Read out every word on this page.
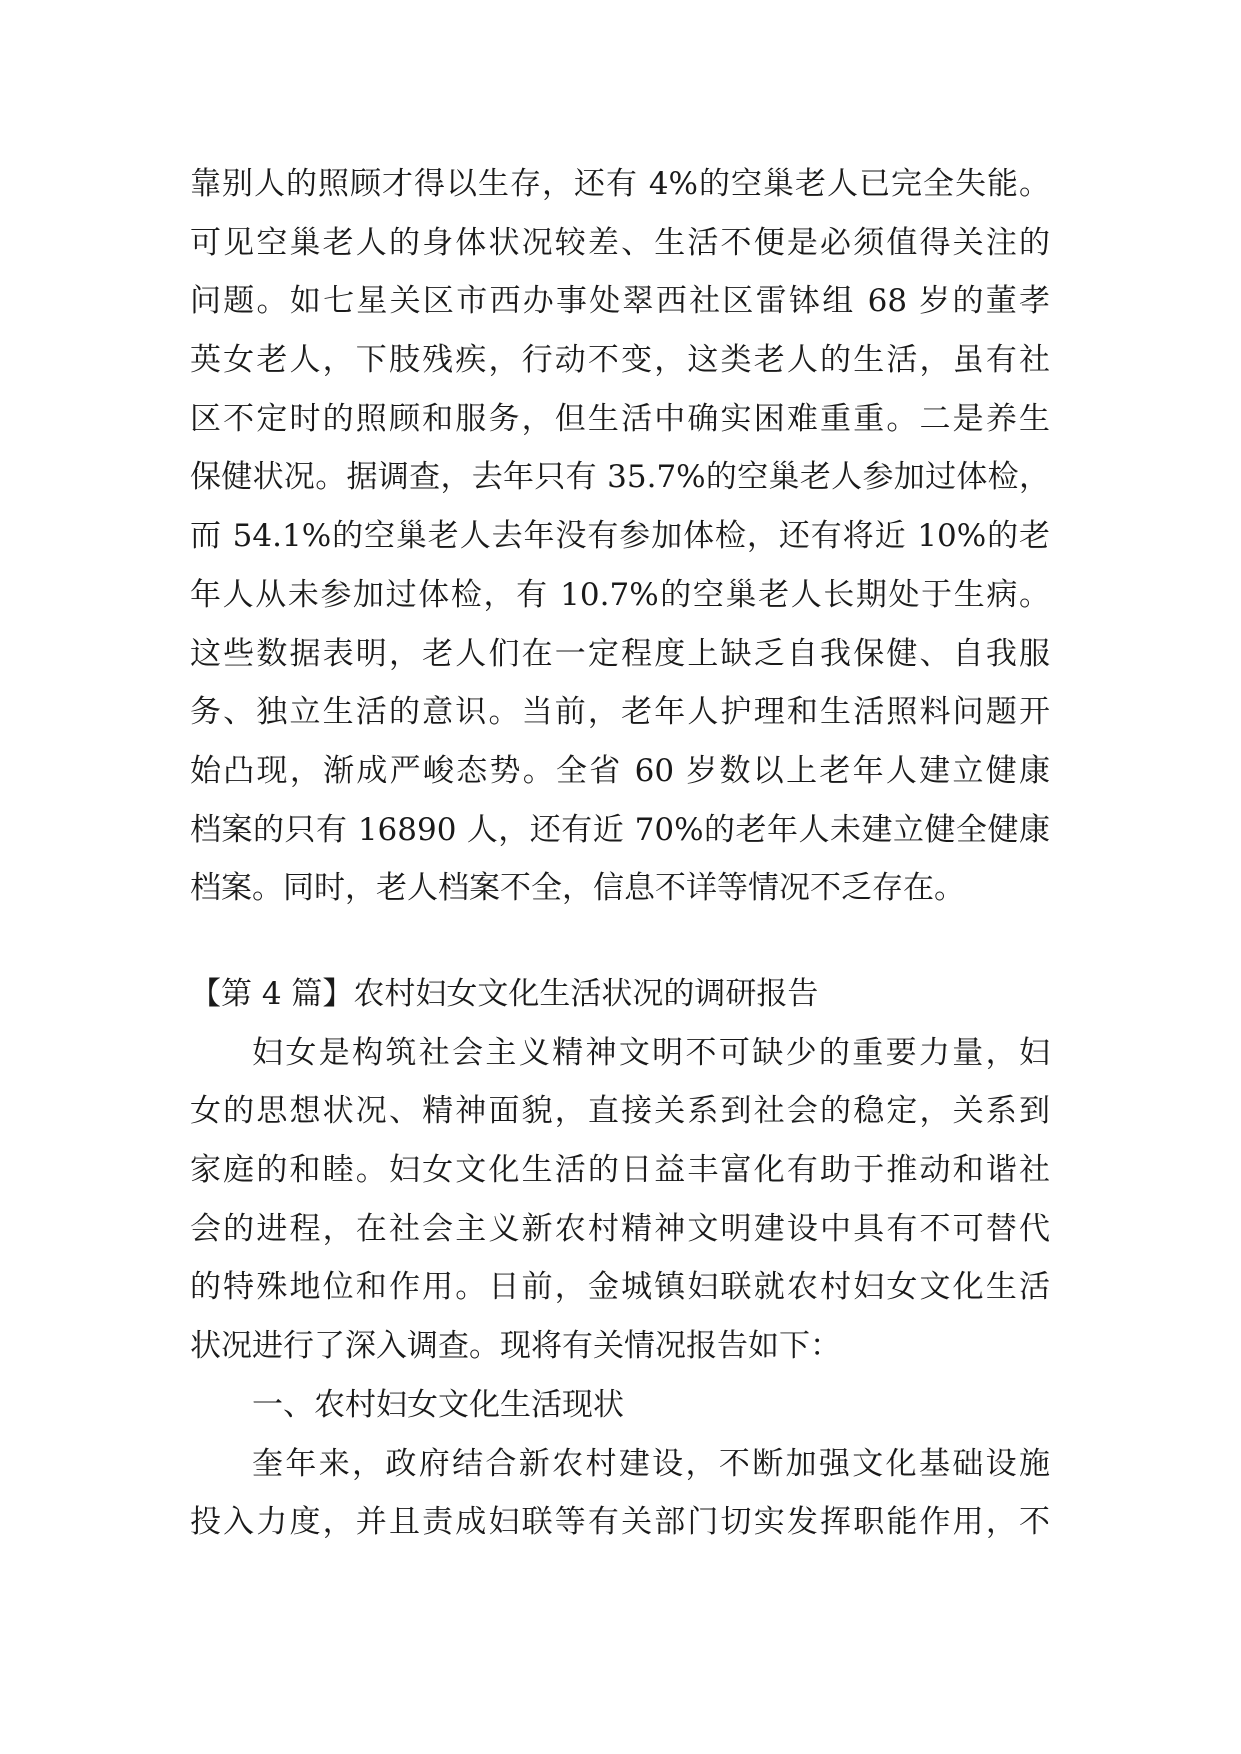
靠别人的照顾才得以生存，还有 4%的空巢老人已完全失能。
可见空巢老人的身体状况较差、生活不便是必须值得关注的
问题。如七星关区市西办事处翠西社区雷钵组 68 岁的董孝
英女老人，下肢残疾，行动不变，这类老人的生活，虽有社
区不定时的照顾和服务，但生活中确实困难重重。二是养生
保健状况。据调查，去年只有 35.7%的空巢老人参加过体检，
而 54.1%的空巢老人去年没有参加体检，还有将近 10%的老
年人从未参加过体检，有 10.7%的空巢老人长期处于生病。
这些数据表明，老人们在一定程度上缺乏自我保健、自我服
务、独立生活的意识。当前，老年人护理和生活照料问题开
始凸现，渐成严峻态势。全省 60 岁数以上老年人建立健康
档案的只有 16890 人，还有近 70%的老年人未建立健全健康
档案。同时，老人档案不全，信息不详等情况不乏存在。
【第 4 篇】农村妇女文化生活状况的调研报告
妇女是构筑社会主义精神文明不可缺少的重要力量，妇
女的思想状况、精神面貌，直接关系到社会的稳定，关系到
家庭的和睦。妇女文化生活的日益丰富化有助于推动和谐社
会的进程，在社会主义新农村精神文明建设中具有不可替代
的特殊地位和作用。日前，金城镇妇联就农村妇女文化生活
状况进行了深入调查。现将有关情况报告如下：
一、农村妇女文化生活现状
奎年来，政府结合新农村建设，不断加强文化基础设施
投入力度，并且责成妇联等有关部门切实发挥职能作用，不
